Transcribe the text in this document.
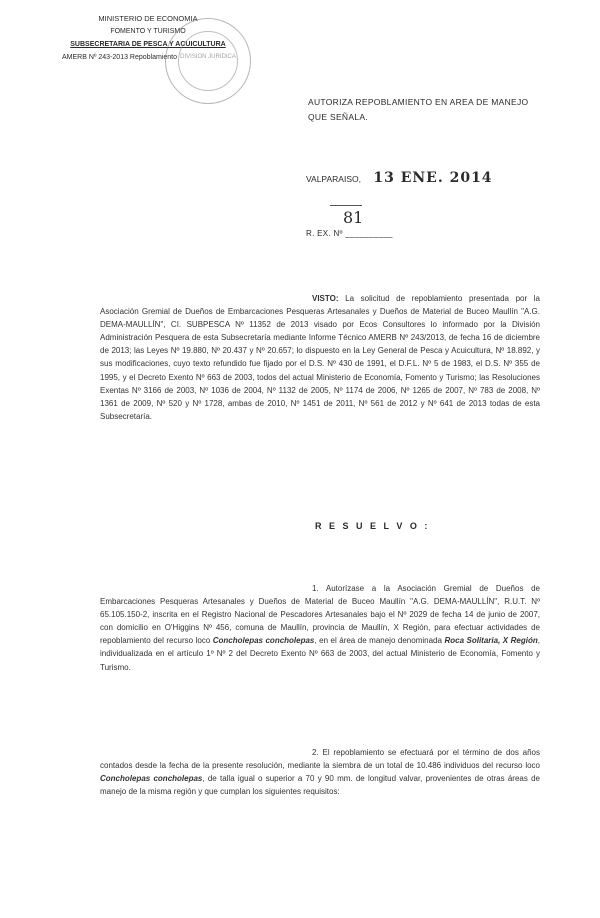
MINISTERIO DE ECONOMIA
FOMENTO Y TURISMO
SUBSECRETARIA DE PESCA Y ACUICULTURA
AMERB Nº 243-2013 Repoblamiento DIVISION JURIDICA
AUTORIZA REPOBLAMIENTO EN AREA DE MANEJO
QUE SEÑALA.
VALPARAISO, 13 ENE. 2014
81
R. EX. Nº __________
VISTO: La solicitud de repoblamiento presentada por la Asociación Gremial de Dueños de Embarcaciones Pesqueras Artesanales y Dueños de Material de Buceo Maullín "A.G. DEMA-MAULLÍN", CI. SUBPESCA Nº 11352 de 2013 visado por Ecos Consultores lo informado por la División Administración Pesquera de esta Subsecretaría mediante Informe Técnico AMERB Nº 243/2013, de fecha 16 de diciembre de 2013; las Leyes Nº 19.880, Nº 20.437 y Nº 20.657; lo dispuesto en la Ley General de Pesca y Acuicultura, Nº 18.892, y sus modificaciones, cuyo texto refundido fue fijado por el D.S. Nº 430 de 1991, el D.F.L. Nº 5 de 1983, el D.S. Nº 355 de 1995, y el Decreto Exento Nº 663 de 2003, todos del actual Ministerio de Economía, Fomento y Turismo; las Resoluciones Exentas Nº 3166 de 2003, Nº 1036 de 2004, Nº 1132 de 2005, Nº 1174 de 2006, Nº 1265 de 2007, Nº 783 de 2008, Nº 1361 de 2009, Nº 520 y Nº 1728, ambas de 2010, Nº 1451 de 2011, Nº 561 de 2012 y Nº 641 de 2013 todas de esta Subsecretaría.
R E S U E L V O :
1. Autorízase a la Asociación Gremial de Dueños de Embarcaciones Pesqueras Artesanales y Dueños de Material de Buceo Maullín "A.G. DEMA-MAULLÍN", R.U.T. Nº 65.105.150-2, inscrita en el Registro Nacional de Pescadores Artesanales bajo el Nº 2029 de fecha 14 de junio de 2007, con domicilio en O'Higgins Nº 456, comuna de Maullín, provincia de Maullín, X Región, para efectuar actividades de repoblamiento del recurso loco Concholepas concholepas, en el área de manejo denominada Roca Solitaria, X Región, individualizada en el artículo 1º Nº 2 del Decreto Exento Nº 663 de 2003, del actual Ministerio de Economía, Fomento y Turismo.
2. El repoblamiento se efectuará por el término de dos años contados desde la fecha de la presente resolución, mediante la siembra de un total de 10.486 individuos del recurso loco Concholepas concholepas, de talla igual o superior a 70 y 90 mm. de longitud valvar, provenientes de otras áreas de manejo de la misma región y que cumplan los siguientes requisitos:
